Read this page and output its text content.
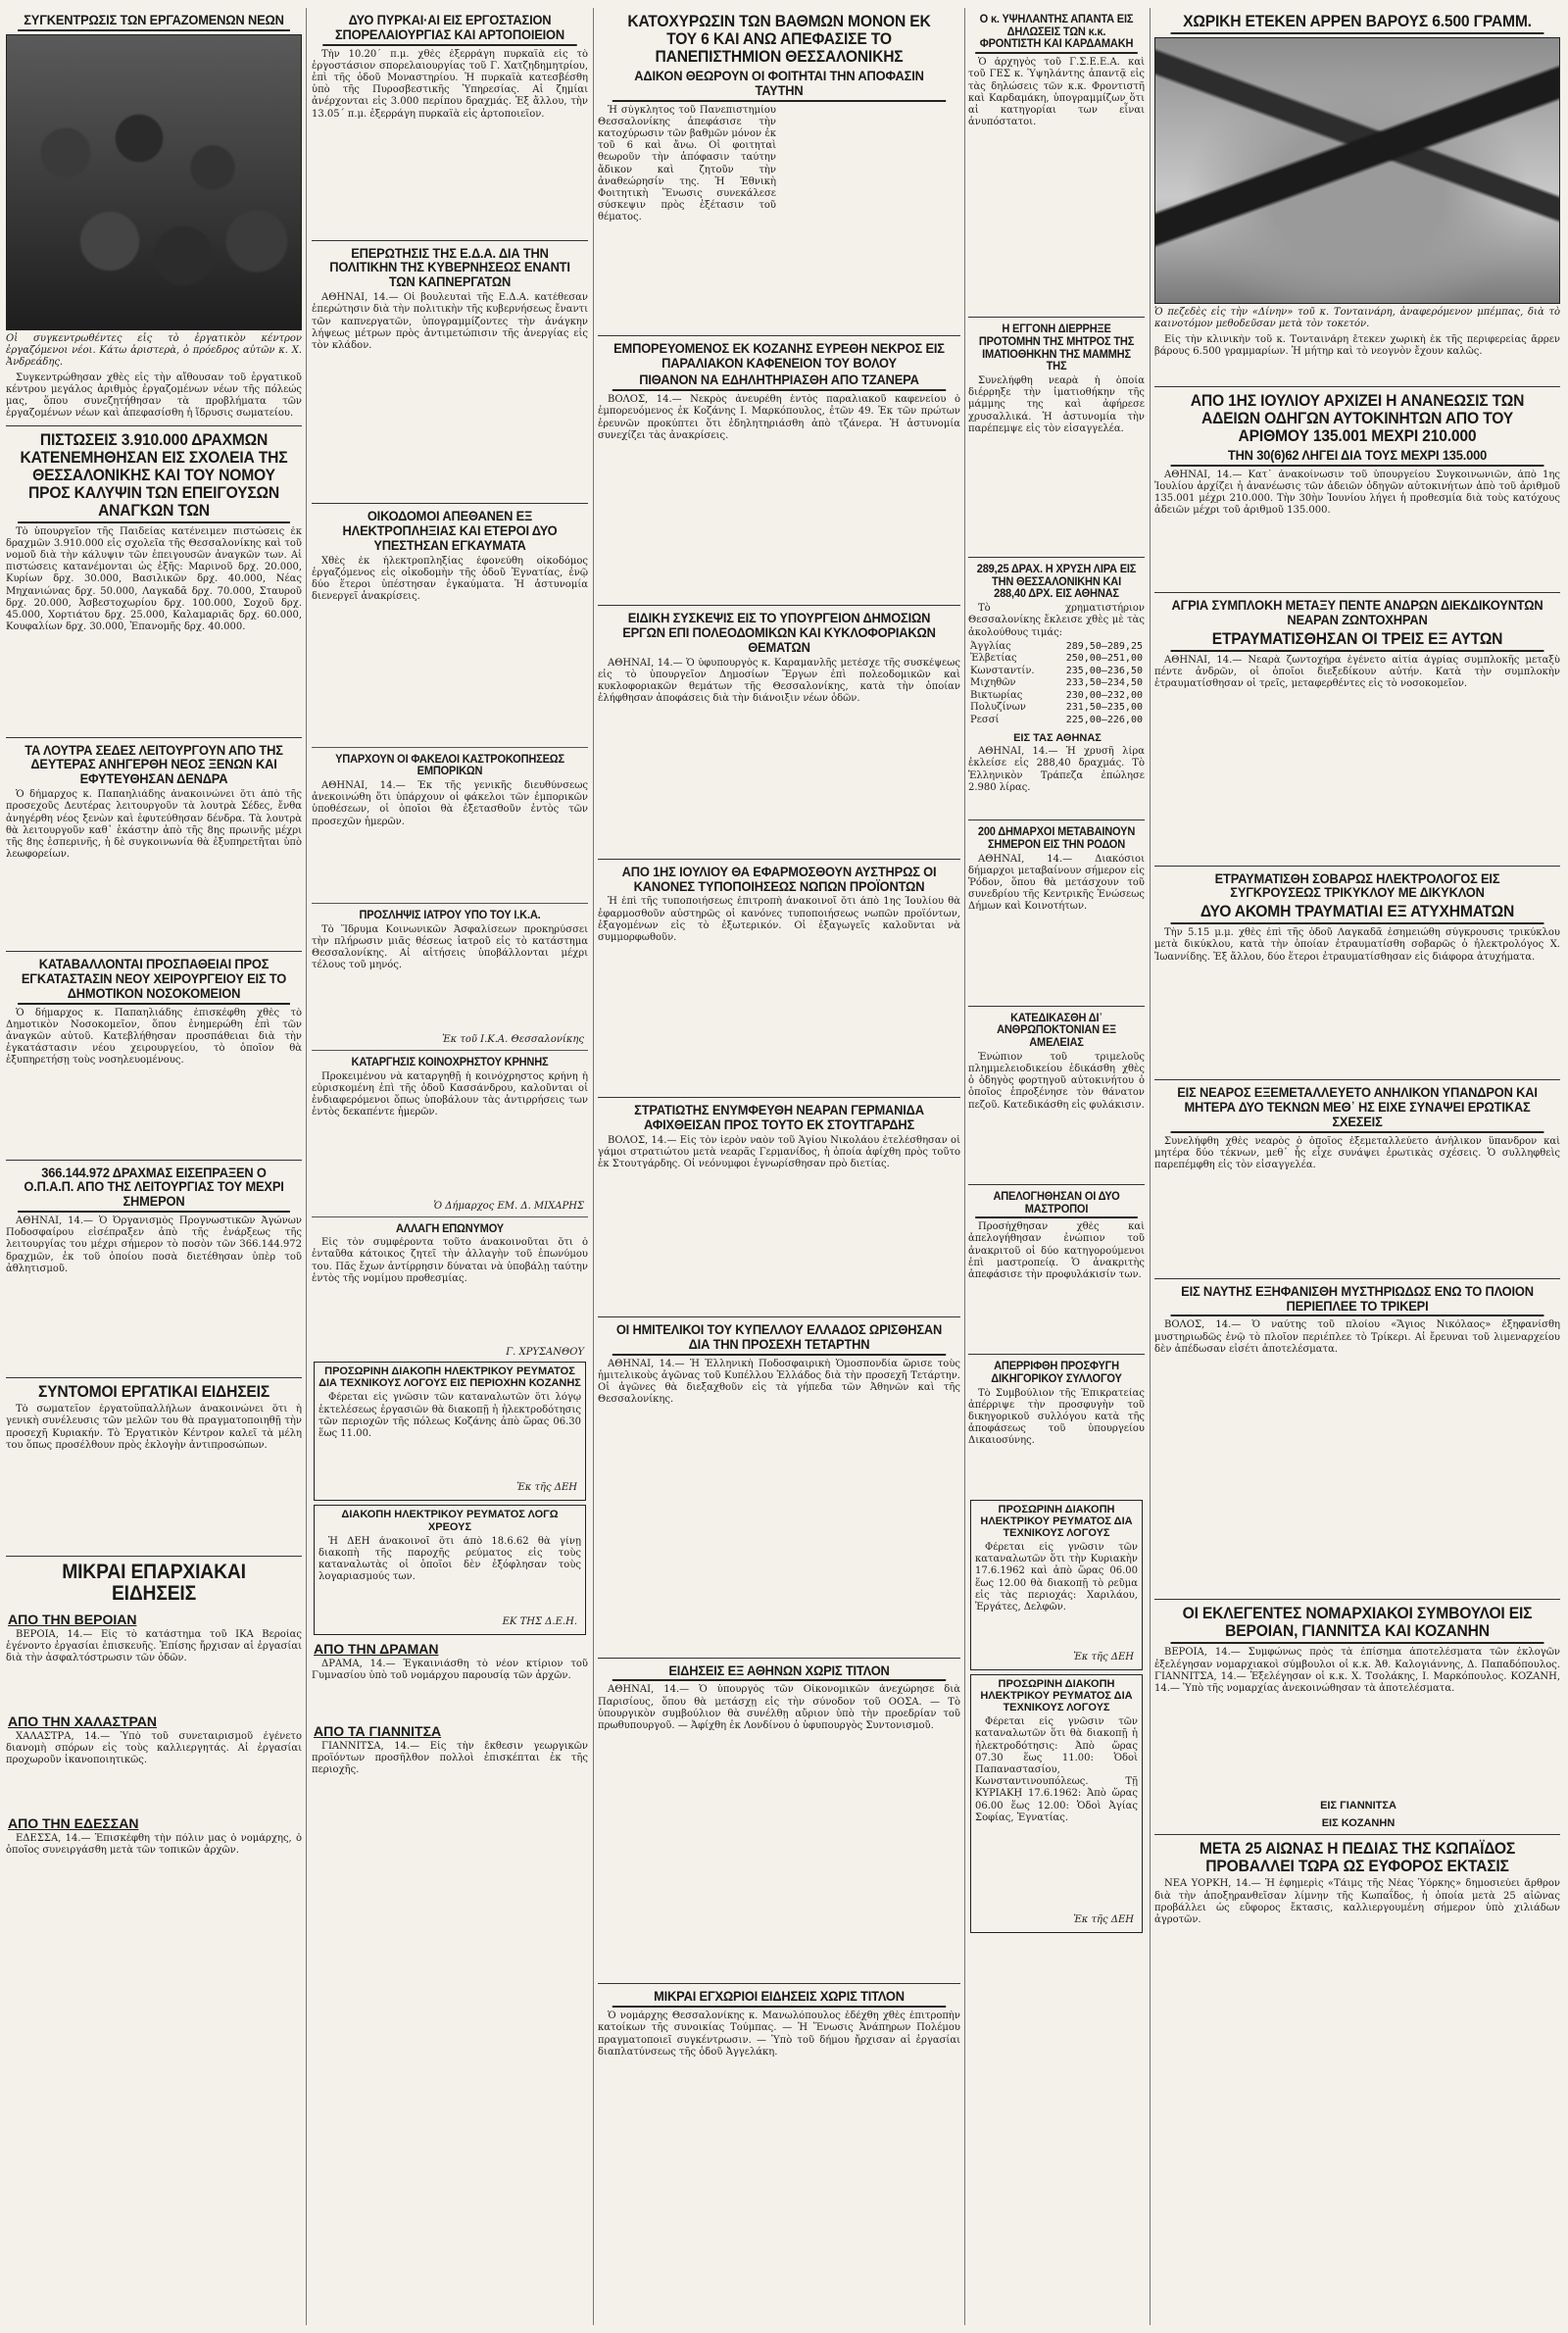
ΣΥΓΚΕΝΤΡΩΣΙΣ ΤΩΝ ΕΡΓΑΖΟΜΕΝΩΝ ΝΕΩΝ
Οἱ συγκεντρωθέντες εἰς τὸ ἐργατικὸν κέντρον ἐργαζόμενοι νέοι. Κάτω ἀριστερὰ, ὁ πρόεδρος αὐτῶν κ. Χ. Ἀνδρεάδης.
Συγκεντρώθησαν χθὲς εἰς τὴν αἴθουσαν τοῦ ἐργατικοῦ κέντρου μεγάλος ἀριθμὸς ἐργαζομένων νέων τῆς πόλεώς μας, ὅπου συνεζητήθησαν τὰ προβλήματα τῶν ἐργαζομένων νέων καὶ ἀπεφασίσθη ἡ ἵδρυσις σωματείου.
ΠΙΣΤΩΣΕΙΣ 3.910.000 ΔΡΑΧΜΩΝ ΚΑΤΕΝΕΜΗΘΗΣΑΝ ΕΙΣ ΣΧΟΛΕΙΑ ΤΗΣ ΘΕΣΣΑΛΟΝΙΚΗΣ ΚΑΙ ΤΟΥ ΝΟΜΟΥ ΠΡΟΣ ΚΑΛΥΨΙΝ ΤΩΝ ΕΠΕΙΓΟΥΣΩΝ ΑΝΑΓΚΩΝ ΤΩΝ
Τὸ ὑπουργεῖον τῆς Παιδείας κατένειμεν πιστώσεις ἐκ δραχμῶν 3.910.000 εἰς σχολεῖα τῆς Θεσσαλονίκης καὶ τοῦ νομοῦ διὰ τὴν κάλυψιν τῶν ἐπειγουσῶν ἀναγκῶν των. Αἱ πιστώσεις κατανέμονται ὡς ἑξῆς: Μαρινοῦ δρχ. 20.000, Κυρίων δρχ. 30.000, Βασιλικῶν δρχ. 40.000, Νέας Μηχανιώνας δρχ. 50.000, Λαγκαδᾶ δρχ. 70.000, Σταυροῦ δρχ. 20.000, Ἀσβεστοχωρίου δρχ. 100.000, Σοχοῦ δρχ. 45.000, Χορτιάτου δρχ. 25.000, Καλαμαριᾶς δρχ. 60.000, Κουφαλίων δρχ. 30.000, Ἐπανομῆς δρχ. 40.000.
ΤΑ ΛΟΥΤΡΑ ΣΕΔΕΣ ΛΕΙΤΟΥΡΓΟΥΝ ΑΠΟ ΤΗΣ ΔΕΥΤΕΡΑΣ ΑΝΗΓΕΡΘΗ ΝΕΟΣ ΞΕΝΩΝ ΚΑΙ ΕΦΥΤΕΥΘΗΣΑΝ ΔΕΝΔΡΑ
Ὁ δήμαρχος κ. Παπαηλιάδης ἀνακοινώνει ὅτι ἀπὸ τῆς προσεχοῦς Δευτέρας λειτουργοῦν τὰ λουτρὰ Σέδες, ἔνθα ἀνηγέρθη νέος ξενὼν καὶ ἐφυτεύθησαν δένδρα. Τὰ λουτρὰ θὰ λειτουργοῦν καθ᾽ ἑκάστην ἀπὸ τῆς 8ης πρωινῆς μέχρι τῆς 8ης ἑσπερινῆς, ἡ δὲ συγκοινωνία θὰ ἐξυπηρετῆται ὑπὸ λεωφορείων.
ΚΑΤΑΒΑΛΛΟΝΤΑΙ ΠΡΟΣΠΑΘΕΙΑΙ ΠΡΟΣ ΕΓΚΑΤΑΣΤΑΣΙΝ ΝΕΟΥ ΧΕΙΡΟΥΡΓΕΙΟΥ ΕΙΣ ΤΟ ΔΗΜΟΤΙΚΟΝ ΝΟΣΟΚΟΜΕΙΟΝ
Ὁ δήμαρχος κ. Παπαηλιάδης ἐπισκέφθη χθὲς τὸ Δημοτικὸν Νοσοκομεῖον, ὅπου ἐνημερώθη ἐπὶ τῶν ἀναγκῶν αὐτοῦ. Κατεβλήθησαν προσπάθειαι διὰ τὴν ἐγκατάστασιν νέου χειρουργείου, τὸ ὁποῖον θὰ ἐξυπηρετήσῃ τοὺς νοσηλευομένους.
366.144.972 ΔΡΑΧΜΑΣ ΕΙΣΕΠΡΑΞΕΝ Ο Ο.Π.Α.Π. ΑΠΟ ΤΗΣ ΛΕΙΤΟΥΡΓΙΑΣ ΤΟΥ ΜΕΧΡΙ ΣΗΜΕΡΟΝ
ΑΘΗΝΑΙ, 14.— Ὁ Ὀργανισμὸς Προγνωστικῶν Ἀγώνων Ποδοσφαίρου εἰσέπραξεν ἀπὸ τῆς ἐνάρξεως τῆς λειτουργίας του μέχρι σήμερον τὸ ποσὸν τῶν 366.144.972 δραχμῶν, ἐκ τοῦ ὁποίου ποσὰ διετέθησαν ὑπὲρ τοῦ ἀθλητισμοῦ.
ΣΥΝΤΟΜΟΙ ΕΡΓΑΤΙΚΑΙ ΕΙΔΗΣΕΙΣ
Τὸ σωματεῖον ἐργατοϋπαλλήλων ἀνακοινώνει ὅτι ἡ γενικὴ συνέλευσις τῶν μελῶν του θὰ πραγματοποιηθῇ τὴν προσεχῆ Κυριακήν. Τὸ Ἐργατικὸν Κέντρον καλεῖ τὰ μέλη του ὅπως προσέλθουν πρὸς ἐκλογὴν ἀντιπροσώπων.
ΜΙΚΡΑΙ ΕΠΑΡΧΙΑΚΑΙ ΕΙΔΗΣΕΙΣ
ΑΠΟ ΤΗΝ ΒΕΡΟΙΑΝ
ΒΕΡΟΙΑ, 14.— Εἰς τὸ κατάστημα τοῦ ΙΚΑ Βεροίας ἐγένοντο ἐργασίαι ἐπισκευῆς. Ἐπίσης ἤρχισαν αἱ ἐργασίαι διὰ τὴν ἀσφαλτόστρωσιν τῶν ὁδῶν.
ΑΠΟ ΤΗΝ ΧΑΛΑΣΤΡΑΝ
ΧΑΛΑΣΤΡΑ, 14.— Ὑπὸ τοῦ συνεταιρισμοῦ ἐγένετο διανομὴ σπόρων εἰς τοὺς καλλιεργητάς. Αἱ ἐργασίαι προχωροῦν ἱκανοποιητικῶς.
ΑΠΟ ΤΗΝ ΕΔΕΣΣΑΝ
ΕΔΕΣΣΑ, 14.— Ἐπισκέφθη τὴν πόλιν μας ὁ νομάρχης, ὁ ὁποῖος συνειργάσθη μετὰ τῶν τοπικῶν ἀρχῶν.
ΔΥΟ ΠΥΡΚΑΙ·ΑΙ ΕΙΣ ΕΡΓΟΣΤΑΣΙΟΝ ΣΠΟΡΕΛΑΙΟΥΡΓΙΑΣ ΚΑΙ ΑΡΤΟΠΟΙΕΙΟΝ
Τὴν 10.20΄ π.μ. χθὲς ἐξερράγη πυρκαϊὰ εἰς τὸ ἐργοστάσιον σπορελαιουργίας τοῦ Γ. Χατζηδημητρίου, ἐπὶ τῆς ὁδοῦ Μοναστηρίου. Ἡ πυρκαϊὰ κατεσβέσθη ὑπὸ τῆς Πυροσβεστικῆς Ὑπηρεσίας. Αἱ ζημίαι ἀνέρχονται εἰς 3.000 περίπου δραχμάς. Ἐξ ἄλλου, τὴν 13.05΄ π.μ. ἐξερράγη πυρκαϊὰ εἰς ἀρτοποιεῖον.
ΕΠΕΡΩΤΗΣΙΣ ΤΗΣ Ε.Δ.Α. ΔΙΑ ΤΗΝ ΠΟΛΙΤΙΚΗΝ ΤΗΣ ΚΥΒΕΡΝΗΣΕΩΣ ΕΝΑΝΤΙ ΤΩΝ ΚΑΠΝΕΡΓΑΤΩΝ
ΑΘΗΝΑΙ, 14.— Οἱ βουλευταὶ τῆς Ε.Δ.Α. κατέθεσαν ἐπερώτησιν διὰ τὴν πολιτικὴν τῆς κυβερνήσεως ἔναντι τῶν καπνεργατῶν, ὑπογραμμίζοντες τὴν ἀνάγκην λήψεως μέτρων πρὸς ἀντιμετώπισιν τῆς ἀνεργίας εἰς τὸν κλάδον.
ΟΙΚΟΔΟΜΟΙ ΑΠΕΘΑΝΕΝ ΕΞ ΗΛΕΚΤΡΟΠΛΗΞΙΑΣ ΚΑΙ ΕΤΕΡΟΙ ΔΥΟ ΥΠΕΣΤΗΣΑΝ ΕΓΚΑΥΜΑΤΑ
Χθὲς ἐκ ἠλεκτροπληξίας ἐφονεύθη οἰκοδόμος ἐργαζόμενος εἰς οἰκοδομὴν τῆς ὁδοῦ Ἐγνατίας, ἐνῷ δύο ἕτεροι ὑπέστησαν ἐγκαύματα. Ἡ ἀστυνομία διενεργεῖ ἀνακρίσεις.
ΥΠΑΡΧΟΥΝ ΟΙ ΦΑΚΕΛΟΙ ΚΑΣΤΡΟΚΟΠΗΣΕΩΣ ΕΜΠΟΡΙΚΩΝ
ΑΘΗΝΑΙ, 14.— Ἐκ τῆς γενικῆς διευθύνσεως ἀνεκοινώθη ὅτι ὑπάρχουν οἱ φάκελοι τῶν ἐμπορικῶν ὑποθέσεων, οἱ ὁποῖοι θὰ ἐξετασθοῦν ἐντὸς τῶν προσεχῶν ἡμερῶν.
ΠΡΟΣΛΗΨΙΣ ΙΑΤΡΟΥ ΥΠΟ ΤΟΥ Ι.Κ.Α.
Τὸ Ἵδρυμα Κοινωνικῶν Ἀσφαλίσεων προκηρύσσει τὴν πλήρωσιν μιᾶς θέσεως ἰατροῦ εἰς τὸ κατάστημα Θεσσαλονίκης. Αἱ αἰτήσεις ὑποβάλλονται μέχρι τέλους τοῦ μηνός.
Ἐκ τοῦ Ι.Κ.Α. Θεσσαλονίκης
ΚΑΤΑΡΓΗΣΙΣ ΚΟΙΝΟΧΡΗΣΤΟΥ ΚΡΗΝΗΣ
Προκειμένου νὰ καταργηθῇ ἡ κοινόχρηστος κρήνη ἡ εὑρισκομένη ἐπὶ τῆς ὁδοῦ Κασσάνδρου, καλοῦνται οἱ ἐνδιαφερόμενοι ὅπως ὑποβάλουν τὰς ἀντιρρήσεις των ἐντὸς δεκαπέντε ἡμερῶν.
Ὁ Δήμαρχος ΕΜ. Δ. ΜΙΧΑΡΗΣ
ΑΛΛΑΓΗ ΕΠΩΝΥΜΟΥ
Εἰς τὸν συμφέροντα τοῦτο ἀνακοινοῦται ὅτι ὁ ἐνταῦθα κάτοικος ζητεῖ τὴν ἀλλαγὴν τοῦ ἐπωνύμου του. Πᾶς ἔχων ἀντίρρησιν δύναται νὰ ὑποβάλῃ ταύτην ἐντὸς τῆς νομίμου προθεσμίας.
Γ. ΧΡΥΣΑΝΘΟΥ
ΠΡΟΣΩΡΙΝΗ ΔΙΑΚΟΠΗ ΗΛΕΚΤΡΙΚΟΥ ΡΕΥΜΑΤΟΣ ΔΙΑ ΤΕΧΝΙΚΟΥΣ ΛΟΓΟΥΣ ΕΙΣ ΠΕΡΙΟΧΗΝ ΚΟΖΑΝΗΣ
Φέρεται εἰς γνῶσιν τῶν καταναλωτῶν ὅτι λόγῳ ἐκτελέσεως ἐργασιῶν θὰ διακοπῇ ἡ ἠλεκτροδότησις τῶν περιοχῶν τῆς πόλεως Κοζάνης ἀπὸ ὥρας 06.30 ἕως 11.00.
Ἐκ τῆς ΔΕΗ
ΔΙΑΚΟΠΗ ΗΛΕΚΤΡΙΚΟΥ ΡΕΥΜΑΤΟΣ ΛΟΓΩ ΧΡΕΟΥΣ
Ἡ ΔΕΗ ἀνακοινοῖ ὅτι ἀπὸ 18.6.62 θὰ γίνῃ διακοπὴ τῆς παροχῆς ρεύματος εἰς τοὺς καταναλωτὰς οἱ ὁποῖοι δὲν ἐξόφλησαν τοὺς λογαριασμούς των.
ΕΚ ΤΗΣ Δ.Ε.Η.
ΑΠΟ ΤΗΝ ΔΡΑΜΑΝ
ΔΡΑΜΑ, 14.— Ἐγκαινιάσθη τὸ νέον κτίριον τοῦ Γυμνασίου ὑπὸ τοῦ νομάρχου παρουσίᾳ τῶν ἀρχῶν.
ΑΠΟ ΤΑ ΓΙΑΝΝΙΤΣΑ
ΓΙΑΝΝΙΤΣΑ, 14.— Εἰς τὴν ἔκθεσιν γεωργικῶν προϊόντων προσῆλθον πολλοὶ ἐπισκέπται ἐκ τῆς περιοχῆς.
ΚΑΤΟΧΥΡΩΣΙΝ ΤΩΝ ΒΑΘΜΩΝ ΜΟΝΟΝ ΕΚ ΤΟΥ 6 ΚΑΙ ΑΝΩ ΑΠΕΦΑΣΙΣΕ ΤΟ ΠΑΝΕΠΙΣΤΗΜΙΟΝ ΘΕΣΣΑΛΟΝΙΚΗΣ
ΑΔΙΚΟΝ ΘΕΩΡΟΥΝ ΟΙ ΦΟΙΤΗΤΑΙ ΤΗΝ ΑΠΟΦΑΣΙΝ ΤΑΥΤΗΝ
Ἡ σύγκλητος τοῦ Πανεπιστημίου Θεσσαλονίκης ἀπεφάσισε τὴν κατοχύρωσιν τῶν βαθμῶν μόνον ἐκ τοῦ 6 καὶ ἄνω. Οἱ φοιτηταὶ θεωροῦν τὴν ἀπόφασιν ταύτην ἄδικον καὶ ζητοῦν τὴν ἀναθεώρησίν της. Ἡ Ἐθνικὴ Φοιτητικὴ Ἕνωσις συνεκάλεσε σύσκεψιν πρὸς ἐξέτασιν τοῦ θέματος.
ΕΜΠΟΡΕΥΟΜΕΝΟΣ ΕΚ ΚΟΖΑΝΗΣ ΕΥΡΕΘΗ ΝΕΚΡΟΣ ΕΙΣ ΠΑΡΑΛΙΑΚΟΝ ΚΑΦΕΝΕΙΟΝ ΤΟΥ ΒΟΛΟΥ
ΠΙΘΑΝΟΝ ΝΑ ΕΔΗΛΗΤΗΡΙΑΣΘΗ ΑΠΟ ΤΖΑΝΕΡΑ
ΒΟΛΟΣ, 14.— Νεκρὸς ἀνευρέθη ἐντὸς παραλιακοῦ καφενείου ὁ ἐμπορευόμενος ἐκ Κοζάνης Ι. Μαρκόπουλος, ἐτῶν 49. Ἐκ τῶν πρώτων ἐρευνῶν προκύπτει ὅτι ἐδηλητηριάσθη ἀπὸ τζάνερα. Ἡ ἀστυνομία συνεχίζει τὰς ἀνακρίσεις.
ΕΙΔΙΚΗ ΣΥΣΚΕΨΙΣ ΕΙΣ ΤΟ ΥΠΟΥΡΓΕΙΟΝ ΔΗΜΟΣΙΩΝ ΕΡΓΩΝ ΕΠΙ ΠΟΛΕΟΔΟΜΙΚΩΝ ΚΑΙ ΚΥΚΛΟΦΟΡΙΑΚΩΝ ΘΕΜΑΤΩΝ
ΑΘΗΝΑΙ, 14.— Ὁ ὑφυπουργὸς κ. Καραμανλῆς μετέσχε τῆς συσκέψεως εἰς τὸ ὑπουργεῖον Δημοσίων Ἔργων ἐπὶ πολεοδομικῶν καὶ κυκλοφοριακῶν θεμάτων τῆς Θεσσαλονίκης, κατὰ τὴν ὁποίαν ἐλήφθησαν ἀποφάσεις διὰ τὴν διάνοιξιν νέων ὁδῶν.
ΑΠΟ 1ΗΣ ΙΟΥΛΙΟΥ ΘΑ ΕΦΑΡΜΟΣΘΟΥΝ ΑΥΣΤΗΡΩΣ ΟΙ ΚΑΝΟΝΕΣ ΤΥΠΟΠΟΙΗΣΕΩΣ ΝΩΠΩΝ ΠΡΟΪΟΝΤΩΝ
Ἡ ἐπὶ τῆς τυποποιήσεως ἐπιτροπὴ ἀνακοινοῖ ὅτι ἀπὸ 1ης Ἰουλίου θὰ ἐφαρμοσθοῦν αὐστηρῶς οἱ κανόνες τυποποιήσεως νωπῶν προϊόντων, ἐξαγομένων εἰς τὸ ἐξωτερικόν. Οἱ ἐξαγωγεῖς καλοῦνται νὰ συμμορφωθοῦν.
ΣΤΡΑΤΙΩΤΗΣ ΕΝΥΜΦΕΥΘΗ ΝΕΑΡΑΝ ΓΕΡΜΑΝΙΔΑ ΑΦΙΧΘΕΙΣΑΝ ΠΡΟΣ ΤΟΥΤΟ ΕΚ ΣΤΟΥΤΓΑΡΔΗΣ
ΒΟΛΟΣ, 14.— Εἰς τὸν ἱερὸν ναὸν τοῦ Ἁγίου Νικολάου ἐτελέσθησαν οἱ γάμοι στρατιώτου μετὰ νεαρᾶς Γερμανίδος, ἡ ὁποία ἀφίχθη πρὸς τοῦτο ἐκ Στουτγάρδης. Οἱ νεόνυμφοι ἐγνωρίσθησαν πρὸ διετίας.
ΟΙ ΗΜΙΤΕΛΙΚΟΙ ΤΟΥ ΚΥΠΕΛΛΟΥ ΕΛΛΑΔΟΣ ΩΡΙΣΘΗΣΑΝ ΔΙΑ ΤΗΝ ΠΡΟΣΕΧΗ ΤΕΤΑΡΤΗΝ
ΑΘΗΝΑΙ, 14.— Ἡ Ἑλληνικὴ Ποδοσφαιρικὴ Ὁμοσπονδία ὥρισε τοὺς ἡμιτελικοὺς ἀγῶνας τοῦ Κυπέλλου Ἑλλάδος διὰ τὴν προσεχῆ Τετάρτην. Οἱ ἀγῶνες θὰ διεξαχθοῦν εἰς τὰ γήπεδα τῶν Ἀθηνῶν καὶ τῆς Θεσσαλονίκης.
ΕΙΔΗΣΕΙΣ ΕΞ ΑΘΗΝΩΝ ΧΩΡΙΣ ΤΙΤΛΟΝ
ΑΘΗΝΑΙ, 14.— Ὁ ὑπουργὸς τῶν Οἰκονομικῶν ἀνεχώρησε διὰ Παρισίους, ὅπου θὰ μετάσχῃ εἰς τὴν σύνοδον τοῦ ΟΟΣΑ. — Τὸ ὑπουργικὸν συμβούλιον θὰ συνέλθῃ αὔριον ὑπὸ τὴν προεδρίαν τοῦ πρωθυπουργοῦ. — Ἀφίχθη ἐκ Λονδίνου ὁ ὑφυπουργὸς Συντονισμοῦ.
ΜΙΚΡΑΙ ΕΓΧΩΡΙΟΙ ΕΙΔΗΣΕΙΣ ΧΩΡΙΣ ΤΙΤΛΟΝ
Ὁ νομάρχης Θεσσαλονίκης κ. Μανωλόπουλος ἐδέχθη χθὲς ἐπιτροπὴν κατοίκων τῆς συνοικίας Τούμπας. — Ἡ Ἕνωσις Ἀνάπηρων Πολέμου πραγματοποιεῖ συγκέντρωσιν. — Ὑπὸ τοῦ δήμου ἤρχισαν αἱ ἐργασίαι διαπλατύνσεως τῆς ὁδοῦ Ἀγγελάκη.
Ο κ. ΥΨΗΛΑΝΤΗΣ ΑΠΑΝΤΑ ΕΙΣ ΔΗΛΩΣΕΙΣ ΤΩΝ κ.κ. ΦΡΟΝΤΙΣΤΗ ΚΑΙ ΚΑΡΔΑΜΑΚΗ
Ὁ ἀρχηγὸς τοῦ Γ.Σ.Ε.Ε.Α. καὶ τοῦ ΓΕΣ κ. Ὑψηλάντης ἀπαντᾷ εἰς τὰς δηλώσεις τῶν κ.κ. Φροντιστῆ καὶ Καρδαμάκη, ὑπογραμμίζων ὅτι αἱ κατηγορίαι των εἶναι ἀνυπόστατοι.
Η ΕΓΓΟΝΗ ΔΙΕΡΡΗΞΕ ΠΡΟΤΟΜΗΝ ΤΗΣ ΜΗΤΡΟΣ ΤΗΣ ΙΜΑΤΙΟΘΗΚΗΝ ΤΗΣ ΜΑΜΜΗΣ ΤΗΣ
Συνελήφθη νεαρὰ ἡ ὁποία διέρρηξε τὴν ἱματιοθήκην τῆς μάμμης της καὶ ἀφήρεσε χρυσαλλικά. Ἡ ἀστυνομία τὴν παρέπεμψε εἰς τὸν εἰσαγγελέα.
289,25 ΔΡΑΧ. Η ΧΡΥΣΗ ΛΙΡΑ ΕΙΣ ΤΗΝ ΘΕΣΣΑΛΟΝΙΚΗΝ ΚΑΙ 288,40 ΔΡΧ. ΕΙΣ ΑΘΗΝΑΣ
Τὸ χρηματιστήριον Θεσσαλονίκης ἔκλεισε χθὲς μὲ τὰς ἀκολούθους τιμάς:
Ἀγγλίας	289,50—289,25
Ἐλβετίας	250,00—251,00
Κωνσταντίν.	235,00—236,50
Μιχηθῶν	233,50—234,50
Βικτωρίας	230,00—232,00
Πολυζίνων	231,50—235,00
Ρεσσί	225,00—226,00
ΕΙΣ ΤΑΣ ΑΘΗΝΑΣ
ΑΘΗΝΑΙ, 14.— Ἡ χρυσῆ λίρα ἐκλείσε εἰς 288,40 δραχμάς. Τὸ Ἑλληνικὸν Τράπεζα ἐπώλησε 2.980 λίρας.
200 ΔΗΜΑΡΧΟΙ ΜΕΤΑΒΑΙΝΟΥΝ ΣΗΜΕΡΟΝ ΕΙΣ ΤΗΝ ΡΟΔΟΝ
ΑΘΗΝΑΙ, 14.— Διακόσιοι δήμαρχοι μεταβαίνουν σήμερον εἰς Ῥόδον, ὅπου θὰ μετάσχουν τοῦ συνεδρίου τῆς Κεντρικῆς Ἑνώσεως Δήμων καὶ Κοινοτήτων.
ΚΑΤΕΔΙΚΑΣΘΗ ΔΙ᾽ ΑΝΘΡΩΠΟΚΤΟΝΙΑΝ ΕΞ ΑΜΕΛΕΙΑΣ
Ἐνώπιον τοῦ τριμελοῦς πλημμελειοδικείου ἐδικάσθη χθὲς ὁ ὁδηγὸς φορτηγοῦ αὐτοκινήτου ὁ ὁποῖος ἐπροξένησε τὸν θάνατον πεζοῦ. Κατεδικάσθη εἰς φυλάκισιν.
ΑΠΕΛΟΓΗΘΗΣΑΝ ΟΙ ΔΥΟ ΜΑΣΤΡΟΠΟΙ
Προσήχθησαν χθὲς καὶ ἀπελογήθησαν ἐνώπιον τοῦ ἀνακριτοῦ οἱ δύο κατηγορούμενοι ἐπὶ μαστροπείᾳ. Ὁ ἀνακριτὴς ἀπεφάσισε τὴν προφυλάκισίν των.
ΑΠΕΡΡΙΦΘΗ ΠΡΟΣΦΥΓΗ ΔΙΚΗΓΟΡΙΚΟΥ ΣΥΛΛΟΓΟΥ
Τὸ Συμβούλιον τῆς Ἐπικρατείας ἀπέρριψε τὴν προσφυγὴν τοῦ δικηγορικοῦ συλλόγου κατὰ τῆς ἀποφάσεως τοῦ ὑπουργείου Δικαιοσύνης.
ΠΡΟΣΩΡΙΝΗ ΔΙΑΚΟΠΗ ΗΛΕΚΤΡΙΚΟΥ ΡΕΥΜΑΤΟΣ ΔΙΑ ΤΕΧΝΙΚΟΥΣ ΛΟΓΟΥΣ
Φέρεται εἰς γνῶσιν τῶν καταναλωτῶν ὅτι τὴν Κυριακὴν 17.6.1962 καὶ ἀπὸ ὥρας 06.00 ἕως 12.00 θὰ διακοπῇ τὸ ρεῦμα εἰς τὰς περιοχάς: Χαριλάου, Ἐργάτες, Δελφῶν.
Ἐκ τῆς ΔΕΗ
ΠΡΟΣΩΡΙΝΗ ΔΙΑΚΟΠΗ ΗΛΕΚΤΡΙΚΟΥ ΡΕΥΜΑΤΟΣ ΔΙΑ ΤΕΧΝΙΚΟΥΣ ΛΟΓΟΥΣ
Φέρεται εἰς γνῶσιν τῶν καταναλωτῶν ὅτι θὰ διακοπῇ ἡ ἠλεκτροδότησις: Ἀπὸ ὥρας 07.30 ἕως 11.00: Ὁδοὶ Παπαναστασίου, Κωνσταντινουπόλεως. Τῇ ΚΥΡΙΑΚῌ 17.6.1962: Ἀπὸ ὥρας 06.00 ἕως 12.00: Ὁδοὶ Ἀγίας Σοφίας, Ἐγνατίας.
Ἐκ τῆς ΔΕΗ
ΧΩΡΙΚΗ ΕΤΕΚΕΝ ΑΡΡΕΝ ΒΑΡΟΥΣ 6.500 ΓΡΑΜΜ.
Ὁ πεζεδὲς εἰς τὴν «Δίνην» τοῦ κ. Τονταινάρη, ἀναφερόμενον μπέμπας, διὰ τὸ καινοτόμον μεθοδεῦσαν μετὰ τὸν τοκετόν.
Εἰς τὴν κλινικὴν τοῦ κ. Τονταινάρη ἔτεκεν χωρικὴ ἐκ τῆς περιφερείας ἄρρεν βάρους 6.500 γραμμαρίων. Ἡ μήτηρ καὶ τὸ νεογνὸν ἔχουν καλῶς.
ΑΠΟ 1ΗΣ ΙΟΥΛΙΟΥ ΑΡΧΙΖΕΙ Η ΑΝΑΝΕΩΣΙΣ ΤΩΝ ΑΔΕΙΩΝ ΟΔΗΓΩΝ ΑΥΤΟΚΙΝΗΤΩΝ ΑΠΟ ΤΟΥ ΑΡΙΘΜΟΥ 135.001 ΜΕΧΡΙ 210.000
ΤΗΝ 30(6)62 ΛΗΓΕΙ ΔΙΑ ΤΟΥΣ ΜΕΧΡΙ 135.000
ΑΘΗΝΑΙ, 14.— Κατ᾽ ἀνακοίνωσιν τοῦ ὑπουργείου Συγκοινωνιῶν, ἀπὸ 1ης Ἰουλίου ἀρχίζει ἡ ἀνανέωσις τῶν ἀδειῶν ὁδηγῶν αὐτοκινήτων ἀπὸ τοῦ ἀριθμοῦ 135.001 μέχρι 210.000. Τὴν 30ὴν Ἰουνίου λήγει ἡ προθεσμία διὰ τοὺς κατόχους ἀδειῶν μέχρι τοῦ ἀριθμοῦ 135.000.
ΑΓΡΙΑ ΣΥΜΠΛΟΚΗ ΜΕΤΑΞΥ ΠΕΝΤΕ ΑΝΔΡΩΝ ΔΙΕΚΔΙΚΟΥΝΤΩΝ ΝΕΑΡΑΝ ΖΩΝΤΟΧΗΡΑΝ
ΕΤΡΑΥΜΑΤΙΣΘΗΣΑΝ ΟΙ ΤΡΕΙΣ ΕΞ ΑΥΤΩΝ
ΑΘΗΝΑΙ, 14.— Νεαρὰ ζωντοχήρα ἐγένετο αἰτία ἀγρίας συμπλοκῆς μεταξὺ πέντε ἀνδρῶν, οἱ ὁποῖοι διεξεδίκουν αὐτήν. Κατὰ τὴν συμπλοκὴν ἐτραυματίσθησαν οἱ τρεῖς, μεταφερθέντες εἰς τὸ νοσοκομεῖον.
ΕΤΡΑΥΜΑΤΙΣΘΗ ΣΟΒΑΡΩΣ ΗΛΕΚΤΡΟΛΟΓΟΣ ΕΙΣ ΣΥΓΚΡΟΥΣΕΩΣ ΤΡΙΚΥΚΛΟΥ ΜΕ ΔΙΚΥΚΛΟΝ
ΔΥΟ ΑΚΟΜΗ ΤΡΑΥΜΑΤΙΑΙ ΕΞ ΑΤΥΧΗΜΑΤΩΝ
Τὴν 5.15 μ.μ. χθὲς ἐπὶ τῆς ὁδοῦ Λαγκαδᾶ ἐσημειώθη σύγκρουσις τρικύκλου μετὰ δικύκλου, κατὰ τὴν ὁποίαν ἐτραυματίσθη σοβαρῶς ὁ ἠλεκτρολόγος Χ. Ἰωαννίδης. Ἐξ ἄλλου, δύο ἕτεροι ἐτραυματίσθησαν εἰς διάφορα ἀτυχήματα.
ΕΙΣ ΝΕΑΡΟΣ ΕΞΕΜΕΤΑΛΛΕΥΕΤΟ ΑΝΗΛΙΚΟΝ ΥΠΑΝΔΡΟΝ ΚΑΙ ΜΗΤΕΡΑ ΔΥΟ ΤΕΚΝΩΝ ΜΕΘ᾽ ΗΣ ΕΙΧΕ ΣΥΝΑΨΕΙ ΕΡΩΤΙΚΑΣ ΣΧΕΣΕΙΣ
Συνελήφθη χθὲς νεαρὸς ὁ ὁποῖος ἐξεμεταλλεύετο ἀνήλικον ὕπανδρον καὶ μητέρα δύο τέκνων, μεθ᾽ ἧς εἶχε συνάψει ἐρωτικὰς σχέσεις. Ὁ συλληφθεὶς παρεπέμφθη εἰς τὸν εἰσαγγελέα.
ΕΙΣ ΝΑΥΤΗΣ ΕΞΗΦΑΝΙΣΘΗ ΜΥΣΤΗΡΙΩΔΩΣ ΕΝΩ ΤΟ ΠΛΟΙΟΝ ΠΕΡΙΕΠΛΕΕ ΤΟ ΤΡΙΚΕΡΙ
ΒΟΛΟΣ, 14.— Ὁ ναύτης τοῦ πλοίου «Ἅγιος Νικόλαος» ἐξηφανίσθη μυστηριωδῶς ἐνῷ τὸ πλοῖον περιέπλεε τὸ Τρίκερι. Αἱ ἔρευναι τοῦ λιμεναρχείου δὲν ἀπέδωσαν εἰσέτι ἀποτελέσματα.
ΟΙ ΕΚΛΕΓΕΝΤΕΣ ΝΟΜΑΡΧΙΑΚΟΙ ΣΥΜΒΟΥΛΟΙ ΕΙΣ ΒΕΡΟΙΑΝ, ΓΙΑΝΝΙΤΣΑ ΚΑΙ ΚΟΖΑΝΗΝ
ΒΕΡΟΙΑ, 14.— Συμφώνως πρὸς τὰ ἐπίσημα ἀποτελέσματα τῶν ἐκλογῶν ἐξελέγησαν νομαρχιακοὶ σύμβουλοι οἱ κ.κ. Ἀθ. Καλογιάννης, Δ. Παπαδόπουλος. ΓΙΑΝΝΙΤΣΑ, 14.— Ἐξελέγησαν οἱ κ.κ. Χ. Τσολάκης, Ι. Μαρκόπουλος. ΚΟΖΑΝΗ, 14.— Ὑπὸ τῆς νομαρχίας ἀνεκοινώθησαν τὰ ἀποτελέσματα.
ΕΙΣ ΓΙΑΝΝΙΤΣΑ
ΕΙΣ ΚΟΖΑΝΗΝ
ΜΕΤΑ 25 ΑΙΩΝΑΣ Η ΠΕΔΙΑΣ ΤΗΣ ΚΩΠΑΪΔΟΣ ΠΡΟΒΑΛΛΕΙ ΤΩΡΑ ΩΣ ΕΥΦΟΡΟΣ ΕΚΤΑΣΙΣ
ΝΕΑ ΥΟΡΚΗ, 14.— Ἡ ἐφημερὶς «Τάιμς τῆς Νέας Ὑόρκης» δημοσιεύει ἄρθρον διὰ τὴν ἀποξηρανθεῖσαν λίμνην τῆς Κωπαΐδος, ἡ ὁποία μετὰ 25 αἰῶνας προβάλλει ὡς εὔφορος ἔκτασις, καλλιεργουμένη σήμερον ὑπὸ χιλιάδων ἀγροτῶν.
